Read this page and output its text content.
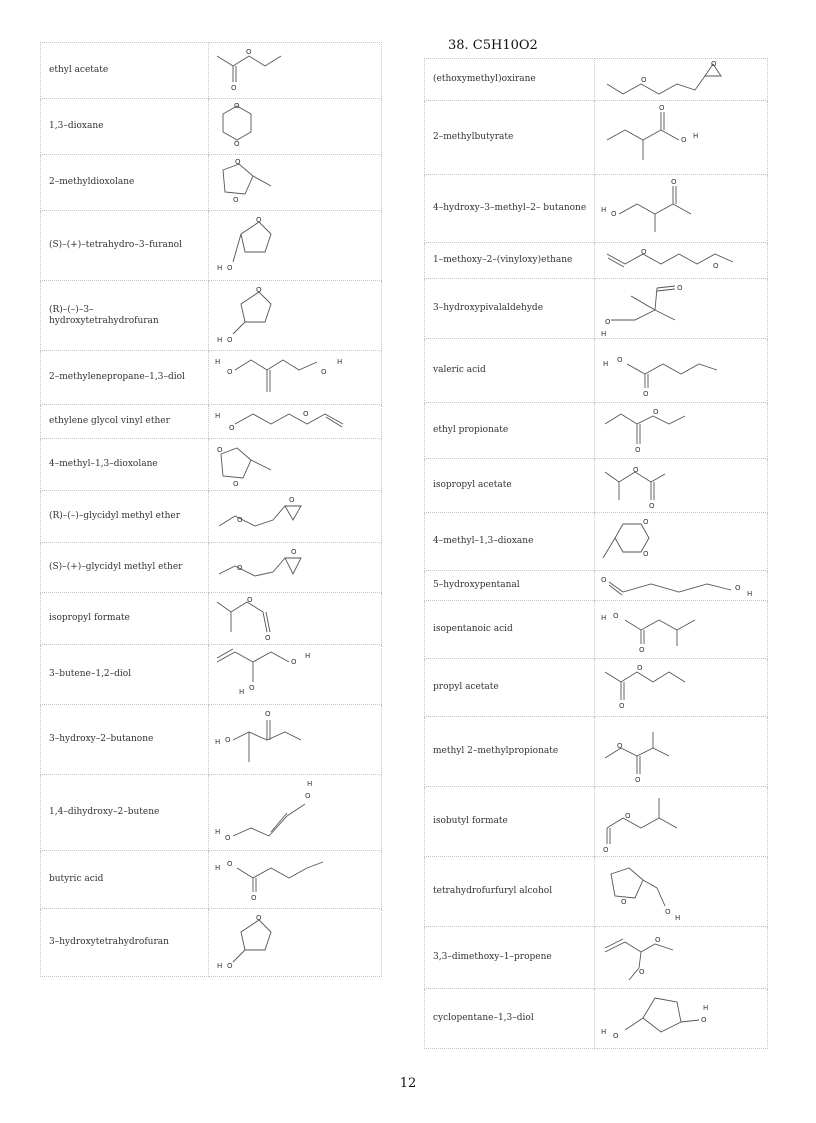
38. C5H10O2
ethyl acetate	O
O

1,3–dioxane	O
O

2–methyldioxolane	O
O

(S)–(+)–tetrahydro–3–furanol	O
H O

(R)–(–)–3– hydroxytetrahydrofuran	O
H O

2–methylenepropane–1,3–diol	H
O O
H

ethylene glycol vinyl ether	H
O
O

4–methyl–1,3–dioxolane	O
O

(R)–(–)–glycidyl methyl ether	O
O

(S)–(+)–glycidyl methyl ether	O
O

isopropyl formate	O
O

3–butene–1,2–diol	O
H
H O

3–hydroxy–2–butanone	O
H O

1,4–dihydroxy–2–butene	O
H
H
O

butyric acid	H O
O

3–hydroxytetrahydrofuran	O
H O
(ethoxymethyl)oxirane	O
O

2–methylbutyrate	O
O H

4–hydroxy–3–methyl–2– butanone	O
H O

1–methoxy–2–(vinyloxy)ethane	O
O

3–hydroxypivalaldehyde	O
O
H

valeric acid	H O
O

ethyl propionate	O
O

isopropyl acetate	O
O

4–methyl–1,3–dioxane	O
O

5–hydroxypentanal	O
O
H

isopentanoic acid	H O
O

propyl acetate	O
O

methyl 2–methylpropionate	O
O

isobutyl formate	O
O

tetrahydrofurfuryl alcohol	O
O
H

3,3–dimethoxy–1–propene	O
O

cyclopentane–1,3–diol	O
H
H O
12
